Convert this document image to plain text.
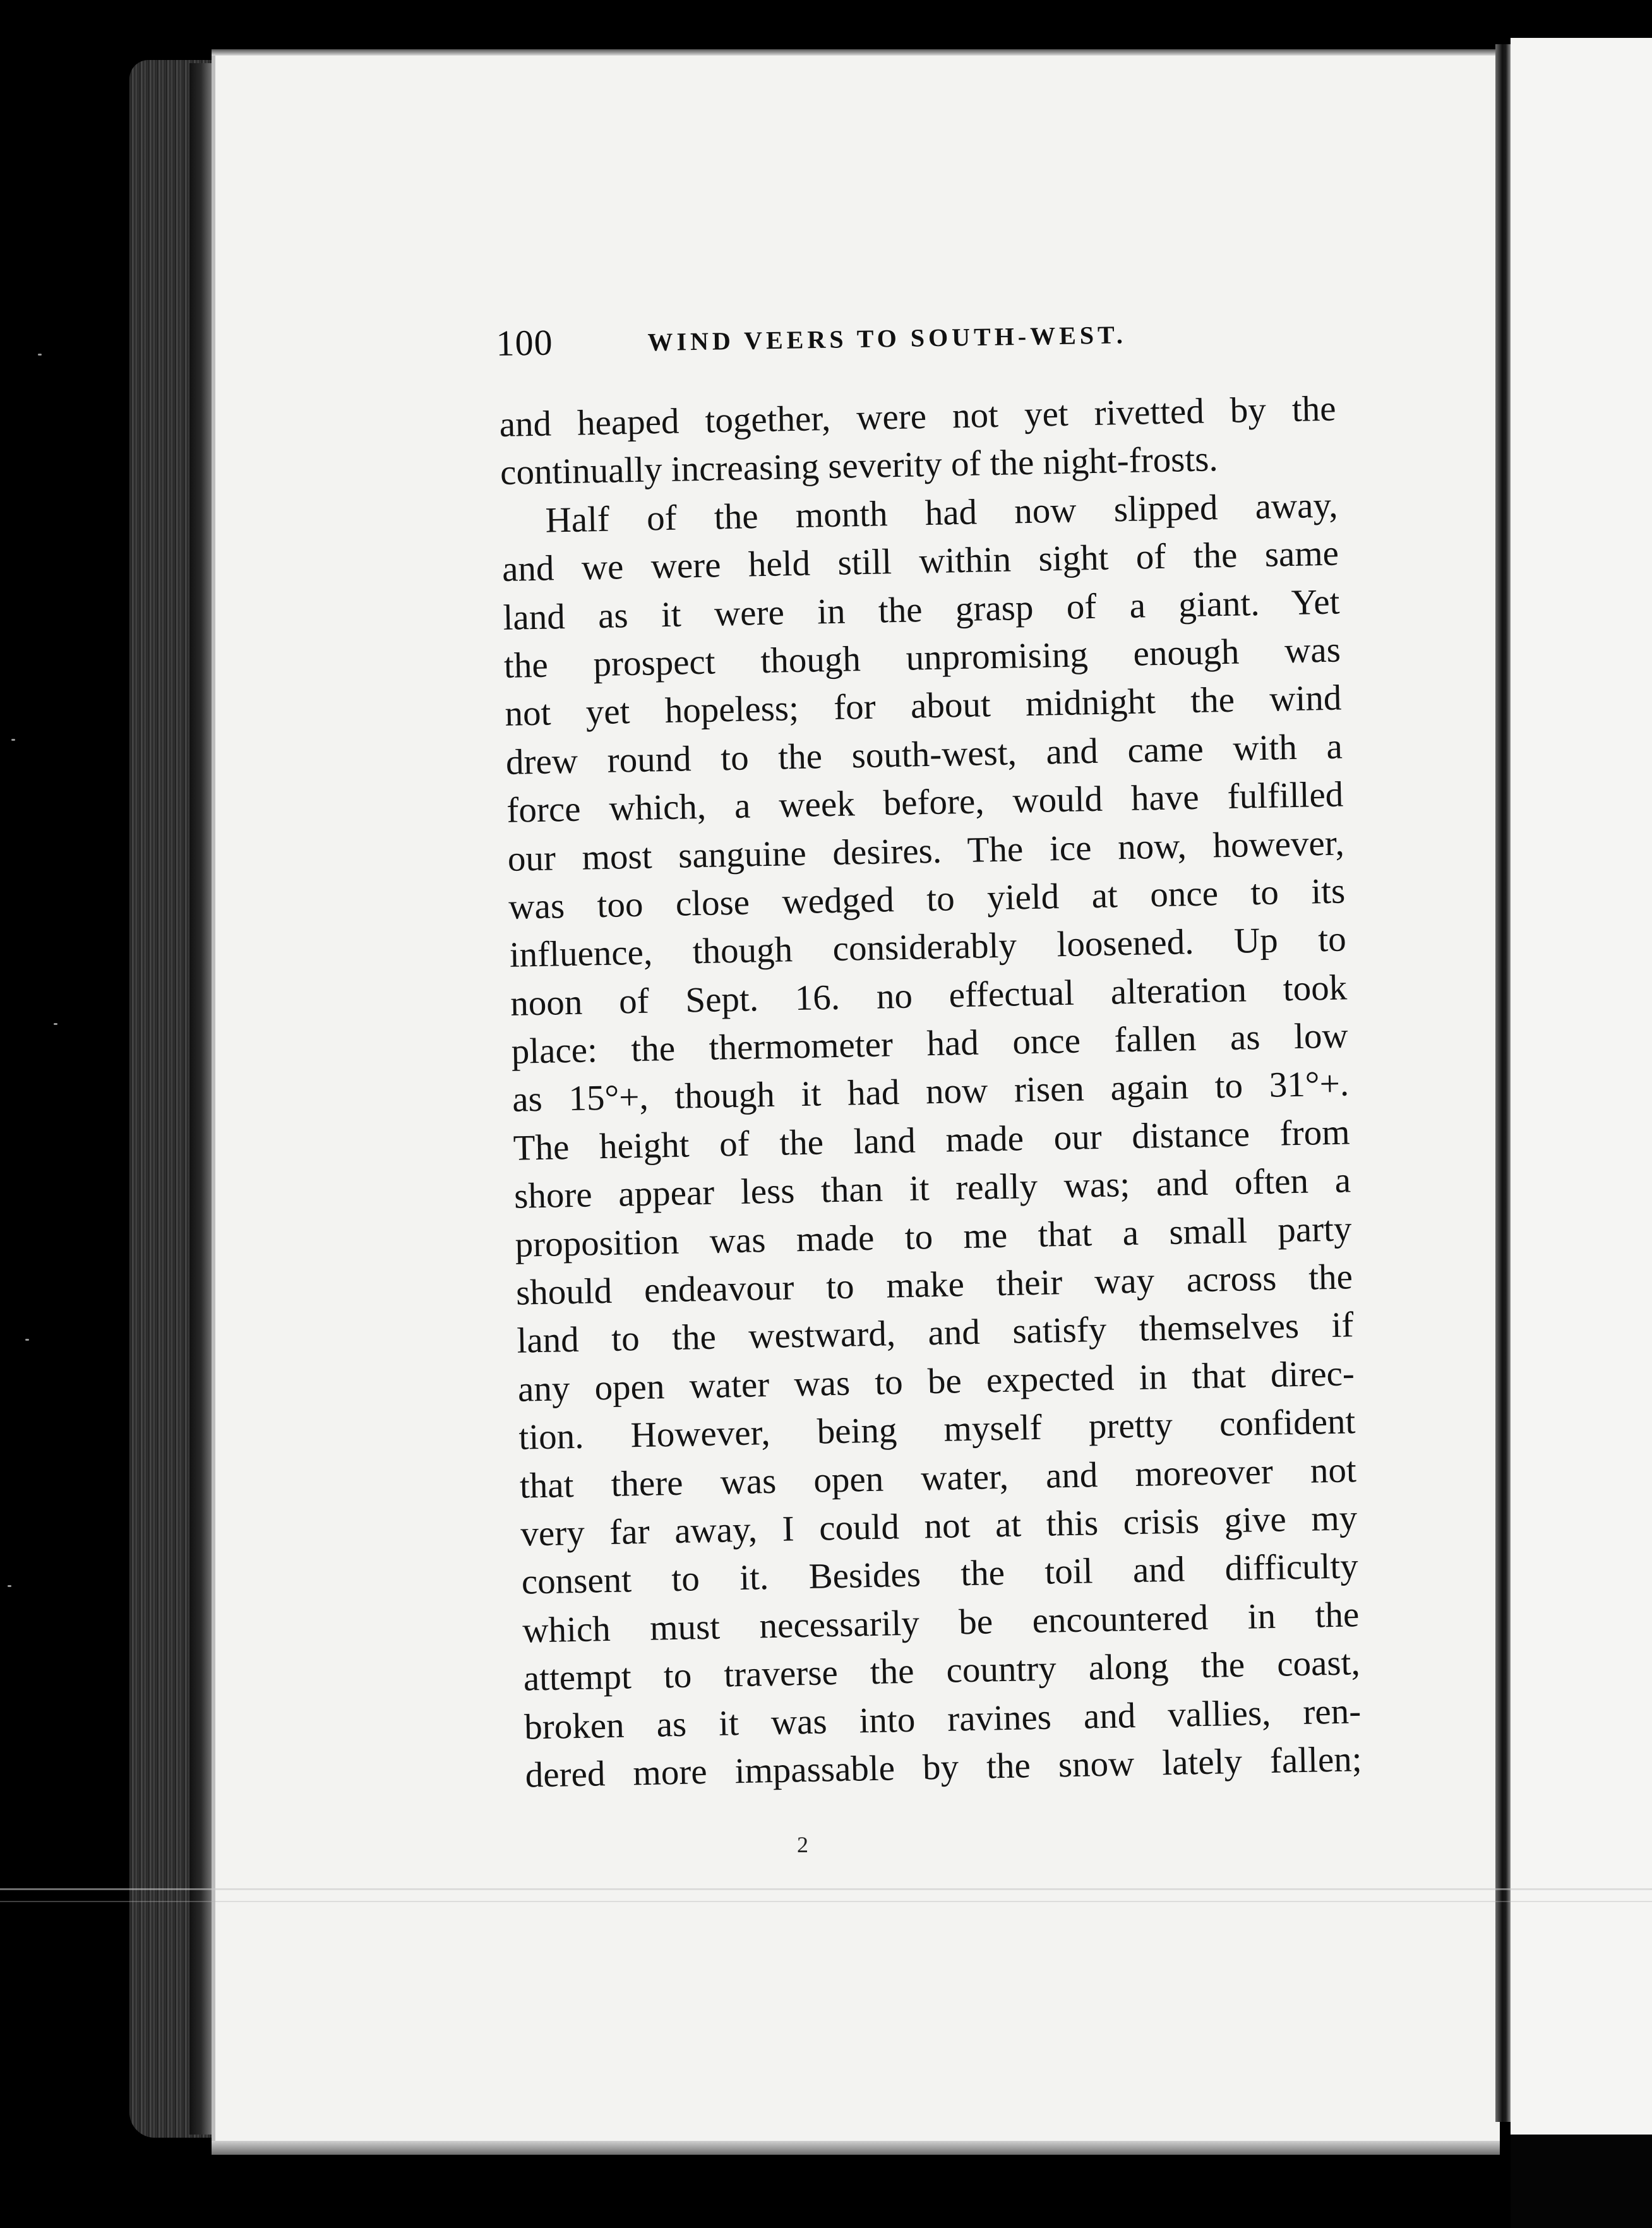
100	WIND VEERS TO SOUTH-WEST.
and heaped together, were not yet rivetted by the
continually increasing severity of the night-frosts.
Half of the month had now slipped away,
and we were held still within sight of the same
land as it were in the grasp of a giant. Yet
the prospect though unpromising enough was
not yet hopeless; for about midnight the wind
drew round to the south-west, and came with a
force which, a week before, would have fulfilled
our most sanguine desires. The ice now, however,
was too close wedged to yield at once to its
influence, though considerably loosened. Up to
noon of Sept. 16. no effectual alteration took
place: the thermometer had once fallen as low
as 15°+, though it had now risen again to 31°+.
The height of the land made our distance from
shore appear less than it really was; and often a
proposition was made to me that a small party
should endeavour to make their way across the
land to the westward, and satisfy themselves if
any open water was to be expected in that direc-
tion. However, being myself pretty confident
that there was open water, and moreover not
very far away, I could not at this crisis give my
consent to it. Besides the toil and difficulty
which must necessarily be encountered in the
attempt to traverse the country along the coast,
broken as it was into ravines and vallies, ren-
dered more impassable by the snow lately fallen;
2
